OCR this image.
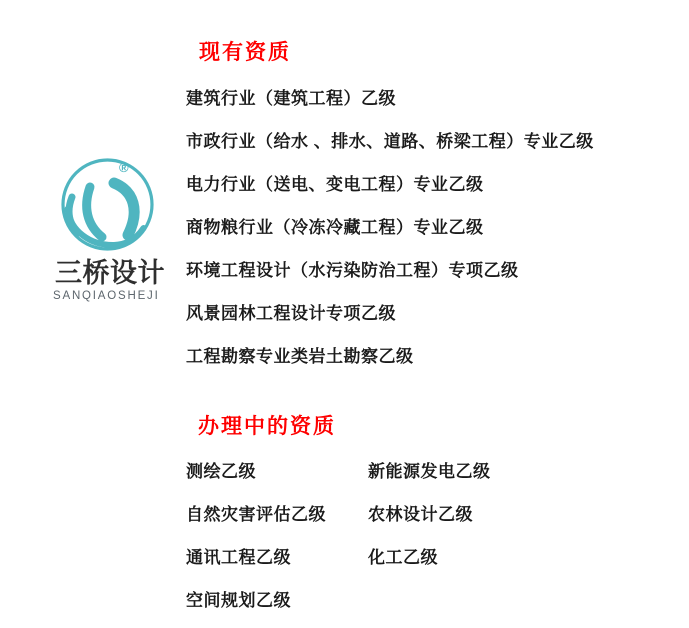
®
三桥设计
SANQIAOSHEJI
现有资质
建筑行业（建筑工程）乙级
市政行业（给水 、排水、道路、桥梁工程）专业乙级
电力行业（送电、变电工程）专业乙级
商物粮行业（冷冻冷藏工程）专业乙级
环境工程设计（水污染防治工程）专项乙级
风景园林工程设计专项乙级
工程勘察专业类岩土勘察乙级
办理中的资质
测绘乙级
自然灾害评估乙级
通讯工程乙级
空间规划乙级
新能源发电乙级
农林设计乙级
化工乙级
